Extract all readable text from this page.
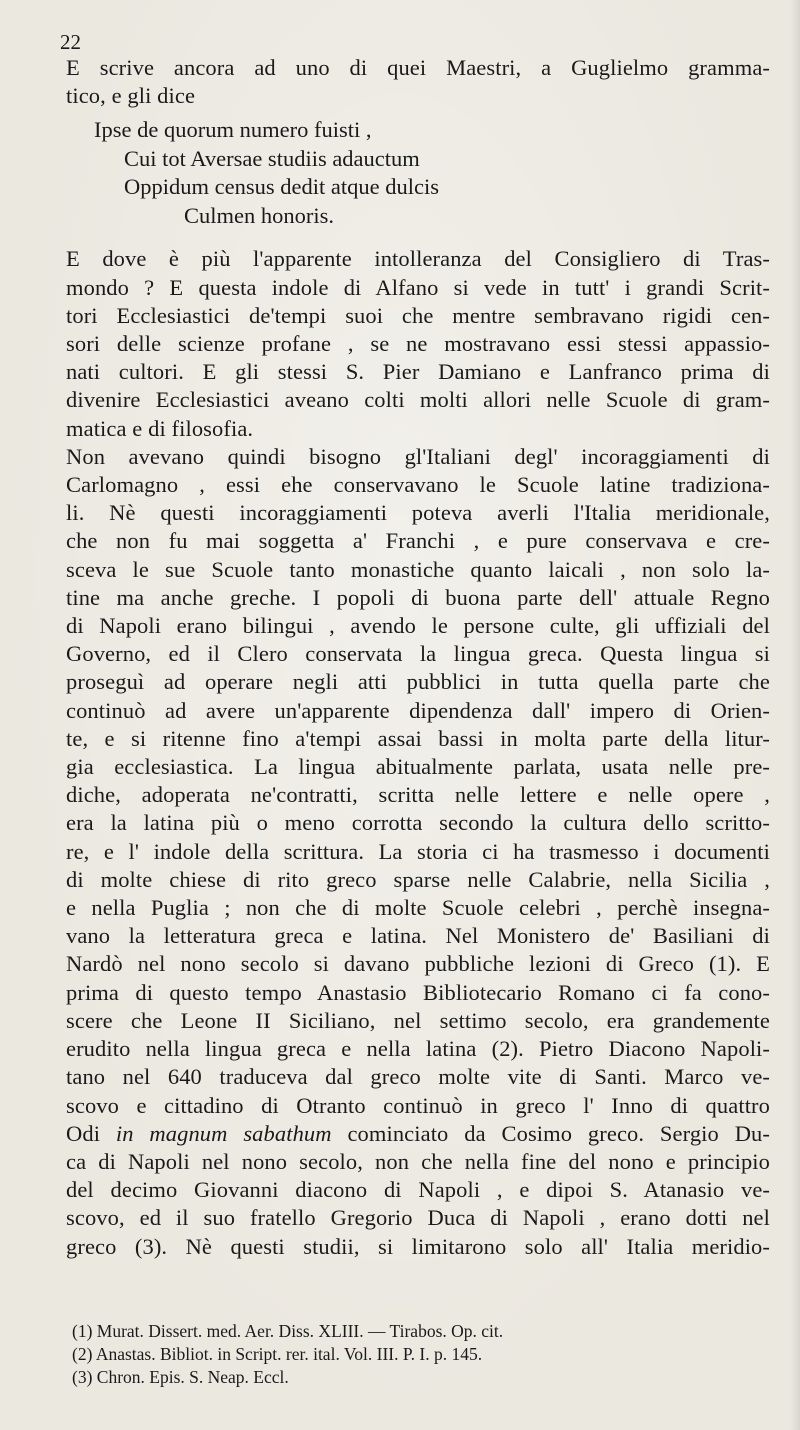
22

E scrive ancora ad uno di quei Maestri, a Guglielmo gramma-
tico, e gli dice

Ipse de quorum numero fuisti ,
Cui tot Aversae studiis adauctum
Oppidum census dedit atque dulcis
Culmen honoris.

E dove è più l'apparente intolleranza del Consigliero di Tras-
mondo ? E questa indole di Alfano si vede in tutt' i grandi Scrit-
tori Ecclesiastici de'tempi suoi che mentre sembravano rigidi cen-
sori delle scienze profane , se ne mostravano essi stessi appassio-
nati cultori. E gli stessi S. Pier Damiano e Lanfranco prima di
divenire Ecclesiastici aveano colti molti allori nelle Scuole di gram-
matica e di filosofia.

Non avevano quindi bisogno gl'Italiani degl' incoraggiamenti di
Carlomagno , essi ehe conservavano le Scuole latine tradiziona-
li. Nè questi incoraggiamenti poteva averli l'Italia meridionale,
che non fu mai soggetta a' Franchi , e pure conservava e cre-
sceva le sue Scuole tanto monastiche quanto laicali , non solo la-
tine ma anche greche. I popoli di buona parte dell' attuale Regno
di Napoli erano bilingui , avendo le persone culte, gli uffiziali del
Governo, ed il Clero conservata la lingua greca. Questa lingua si
proseguì ad operare negli atti pubblici in tutta quella parte che
continuò ad avere un'apparente dipendenza dall' impero di Orien-
te, e si ritenne fino a'tempi assai bassi in molta parte della litur-
gia ecclesiastica. La lingua abitualmente parlata, usata nelle pre-
diche, adoperata ne'contratti, scritta nelle lettere e nelle opere ,
era la latina più o meno corrotta secondo la cultura dello scritto-
re, e l' indole della scrittura. La storia ci ha trasmesso i documenti
di molte chiese di rito greco sparse nelle Calabrie, nella Sicilia ,
e nella Puglia ; non che di molte Scuole celebri , perchè insegna-
vano la letteratura greca e latina. Nel Monistero de' Basiliani di
Nardò nel nono secolo si davano pubbliche lezioni di Greco (1). E
prima di questo tempo Anastasio Bibliotecario Romano ci fa cono-
scere che Leone II Siciliano, nel settimo secolo, era grandemente
erudito nella lingua greca e nella latina (2). Pietro Diacono Napoli-
tano nel 640 traduceva dal greco molte vite di Santi. Marco ve-
scovo e cittadino di Otranto continuò in greco l' Inno di quattro
Odi in magnum sabathum cominciato da Cosimo greco. Sergio Du-
ca di Napoli nel nono secolo, non che nella fine del nono e principio
del decimo Giovanni diacono di Napoli , e dipoi S. Atanasio ve-
scovo, ed il suo fratello Gregorio Duca di Napoli , erano dotti nel
greco (3). Nè questi studii, si limitarono solo all' Italia meridio-

(1) Murat. Dissert. med. Aer. Diss. XLIII. — Tirabos. Op. cit.
(2) Anastas. Bibliot. in Script. rer. ital. Vol. III. P. I. p. 145.
(3) Chron. Epis. S. Neap. Eccl.
